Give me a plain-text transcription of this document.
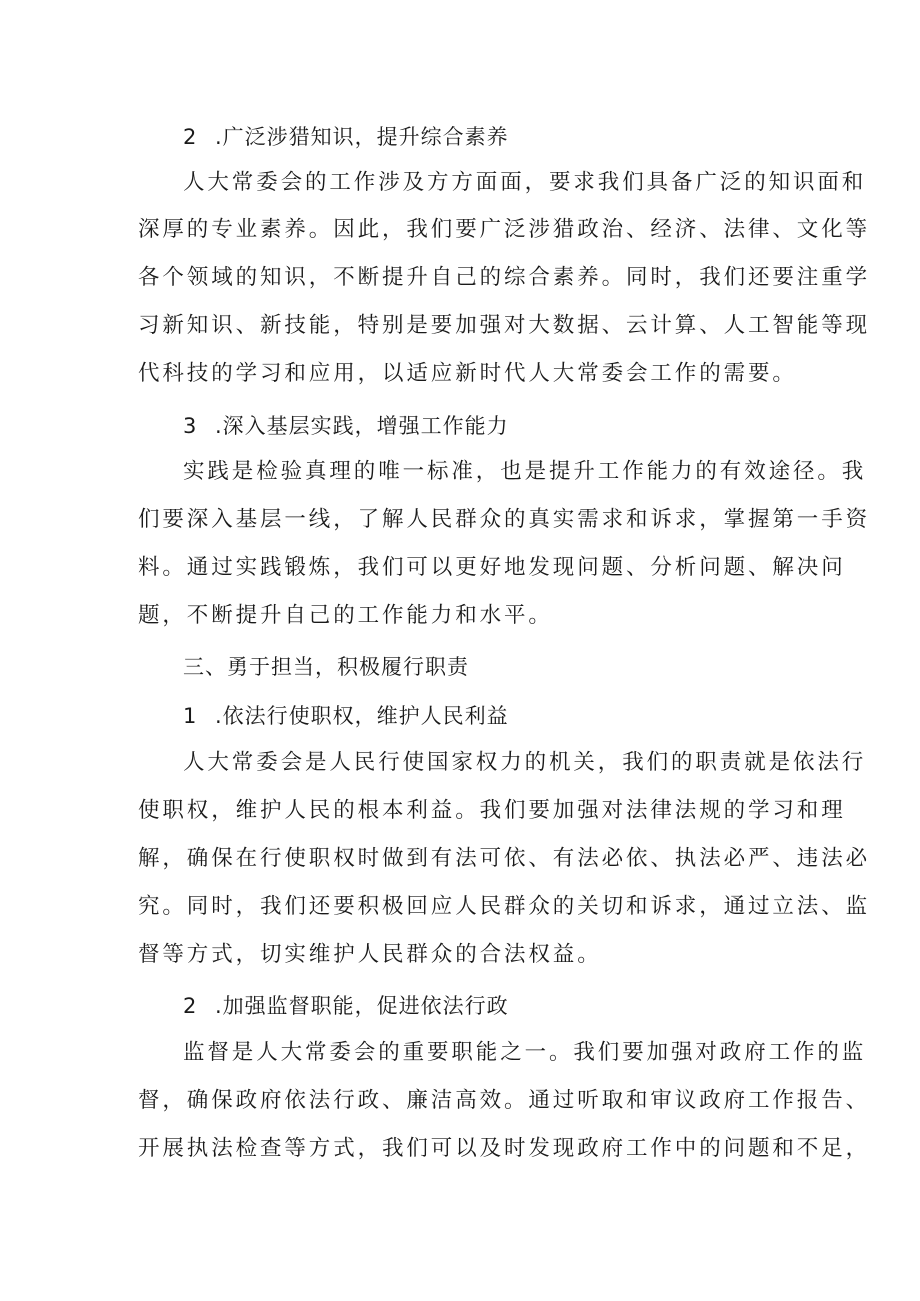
2 .广泛涉猎知识，提升综合素养
人大常委会的工作涉及方方面面，要求我们具备广泛的知识面和
深厚的专业素养。因此，我们要广泛涉猎政治、经济、法律、文化等
各个领域的知识，不断提升自己的综合素养。同时，我们还要注重学
习新知识、新技能，特别是要加强对大数据、云计算、人工智能等现
代科技的学习和应用，以适应新时代人大常委会工作的需要。
3 .深入基层实践，增强工作能力
实践是检验真理的唯一标准，也是提升工作能力的有效途径。我
们要深入基层一线，了解人民群众的真实需求和诉求，掌握第一手资
料。通过实践锻炼，我们可以更好地发现问题、分析问题、解决问
题，不断提升自己的工作能力和水平。
三、勇于担当，积极履行职责
1 .依法行使职权，维护人民利益
人大常委会是人民行使国家权力的机关，我们的职责就是依法行
使职权，维护人民的根本利益。我们要加强对法律法规的学习和理
解，确保在行使职权时做到有法可依、有法必依、执法必严、违法必
究。同时，我们还要积极回应人民群众的关切和诉求，通过立法、监
督等方式，切实维护人民群众的合法权益。
2 .加强监督职能，促进依法行政
监督是人大常委会的重要职能之一。我们要加强对政府工作的监
督，确保政府依法行政、廉洁高效。通过听取和审议政府工作报告、
开展执法检查等方式，我们可以及时发现政府工作中的问题和不足，
